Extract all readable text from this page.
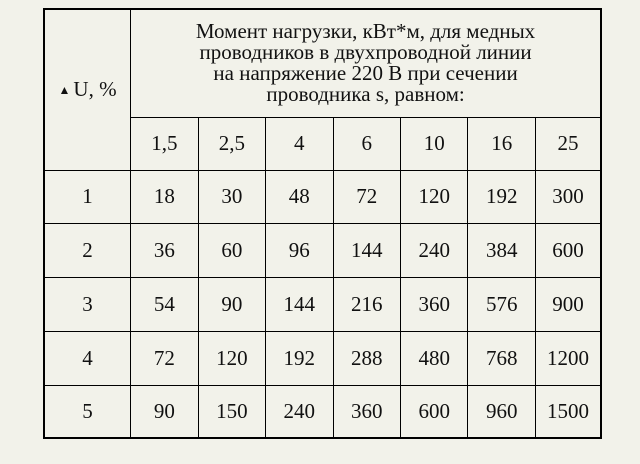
▲ U, %	Момент нагрузки, кВт*м, для медных
проводников в двухпроводной линии
на напряжение 220 В при сечении
проводника s, равном:						

	1,5	2,5	4	6	10	16	25
1	18	30	48	72	120	192	300
2	36	60	96	144	240	384	600
3	54	90	144	216	360	576	900
4	72	120	192	288	480	768	1200
5	90	150	240	360	600	960	1500
